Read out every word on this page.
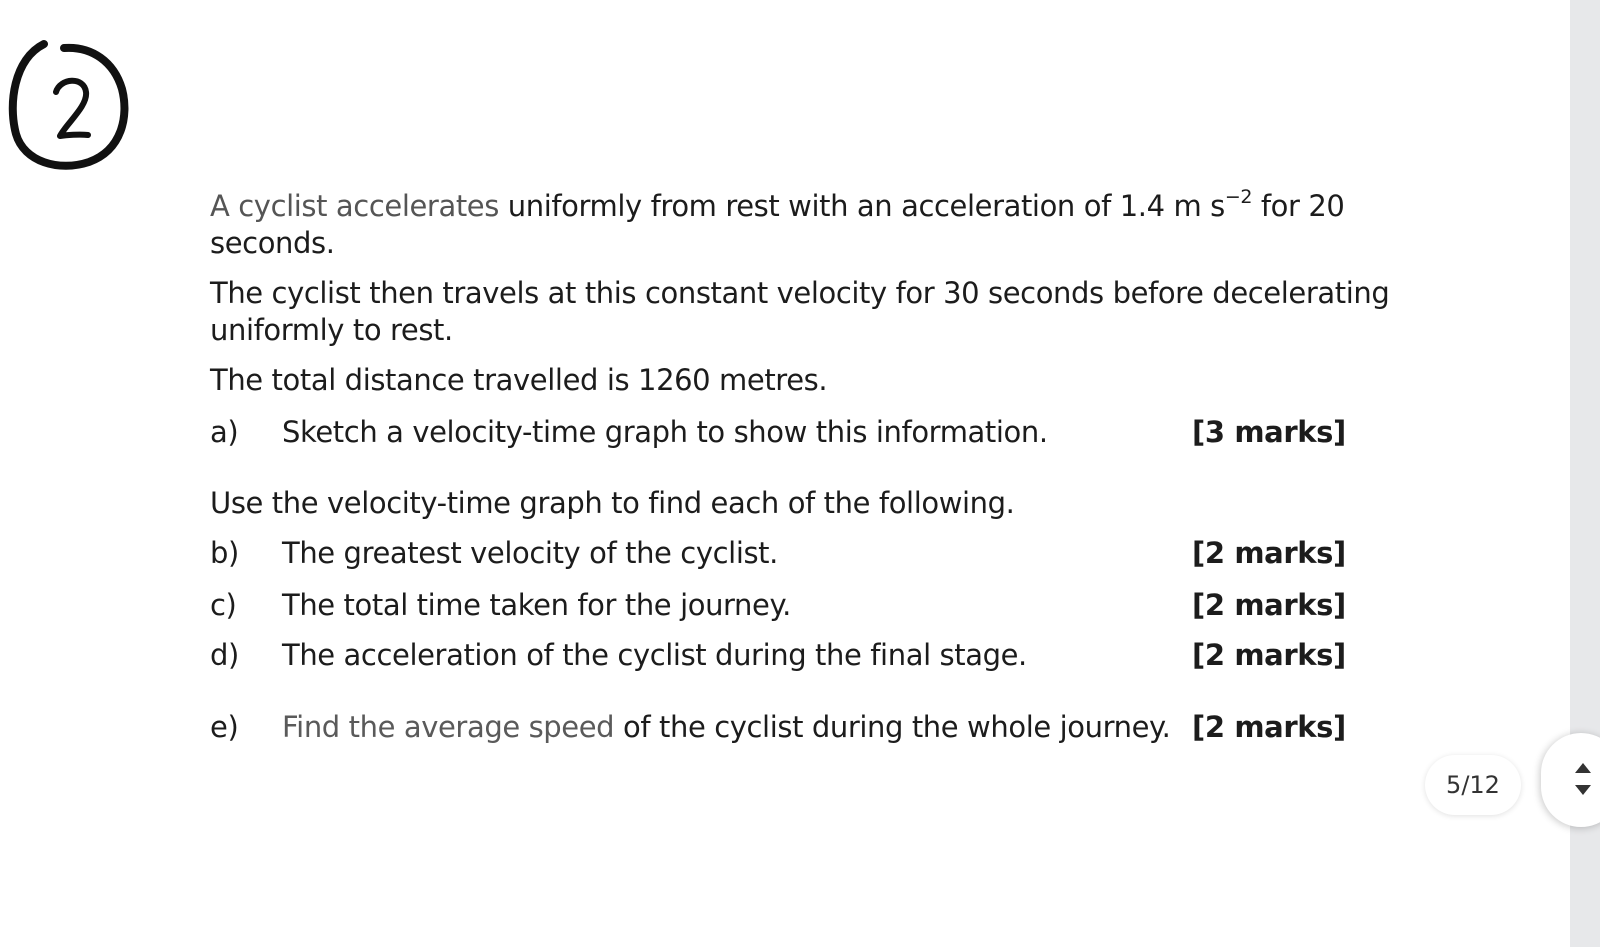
A cyclist accelerates uniformly from rest with an acceleration of 1.4 m $s^{-2}$ for 20

seconds.

The cyclist then travels at this constant velocity for 30 seconds before decelerating

uniformly to rest.

The total distance travelled is 1260 metres.

a) Sketch a velocity-time graph to show this information.	[3 marks]

Use the velocity-time graph to find each of the following.

b) The greatest velocity of the cyclist.	[2 marks]
c) The total time taken for the journey.	[2 marks]
d) The acceleration of the cyclist during the final stage.	[2 marks]
e) Find the average speed of the cyclist during the whole journey. [2 marks]
5/12
